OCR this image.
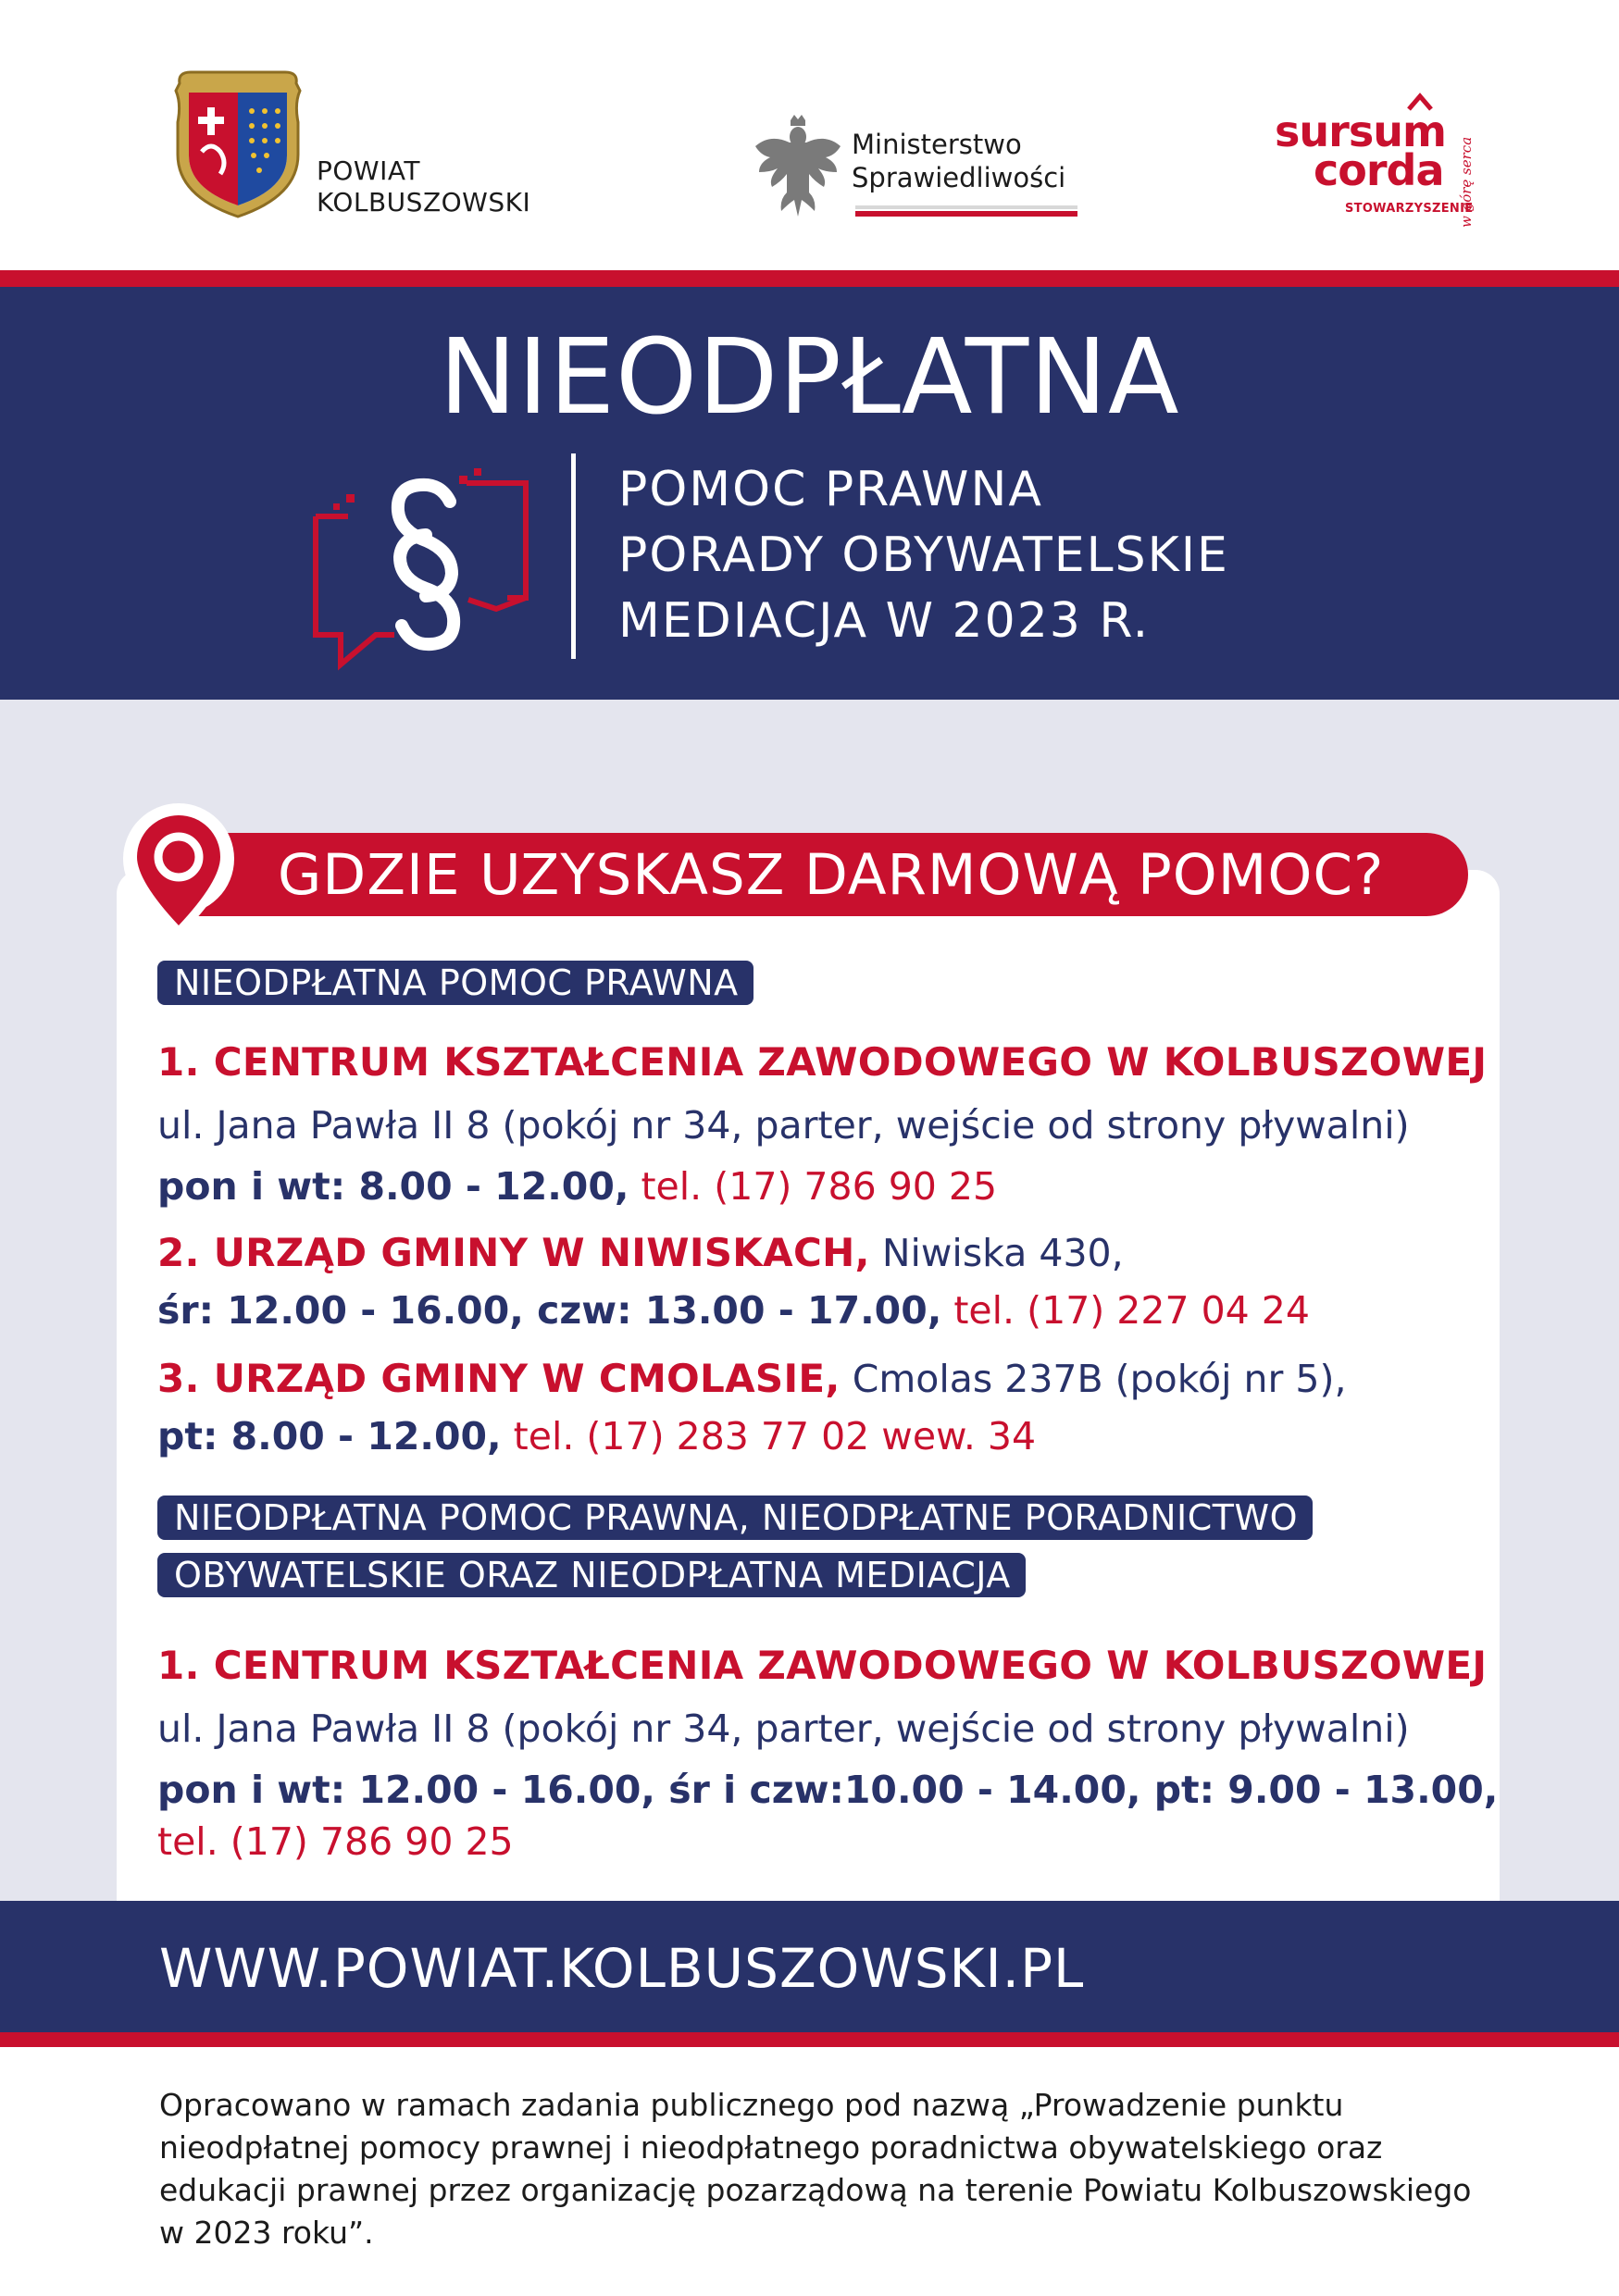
POWIAT
KOLBUSZOWSKI
Ministerstwo
Sprawiedliwości
sursum
corda
STOWARZYSZENIE
w górę serca
NIEODPŁATNA
POMOC PRAWNA
PORADY OBYWATELSKIE
MEDIACJA W 2023 R.
GDZIE UZYSKASZ DARMOWĄ POMOC?
NIEODPŁATNA POMOC PRAWNA
1. CENTRUM KSZTAŁCENIA ZAWODOWEGO W KOLBUSZOWEJ
ul. Jana Pawła II 8 (pokój nr 34, parter, wejście od strony pływalni)
pon i wt: 8.00 - 12.00, tel. (17) 786 90 25
2. URZĄD GMINY W NIWISKACH, Niwiska 430,
śr: 12.00 - 16.00, czw: 13.00 - 17.00, tel. (17) 227 04 24
3. URZĄD GMINY W CMOLASIE, Cmolas 237B (pokój nr 5),
pt: 8.00 - 12.00, tel. (17) 283 77 02 wew. 34
NIEODPŁATNA POMOC PRAWNA, NIEODPŁATNE PORADNICTWO
OBYWATELSKIE ORAZ NIEODPŁATNA MEDIACJA
1. CENTRUM KSZTAŁCENIA ZAWODOWEGO W KOLBUSZOWEJ
ul. Jana Pawła II 8 (pokój nr 34, parter, wejście od strony pływalni)
pon i wt: 12.00 - 16.00, śr i czw:10.00 - 14.00, pt: 9.00 - 13.00,
tel. (17) 786 90 25
WWW.POWIAT.KOLBUSZOWSKI.PL
Opracowano w ramach zadania publicznego pod nazwą „Prowadzenie punktu nieodpłatnej pomocy prawnej i nieodpłatnego poradnictwa obywatelskiego oraz edukacji prawnej przez organizację pozarządową na terenie Powiatu Kolbuszowskiego w 2023 roku”.
